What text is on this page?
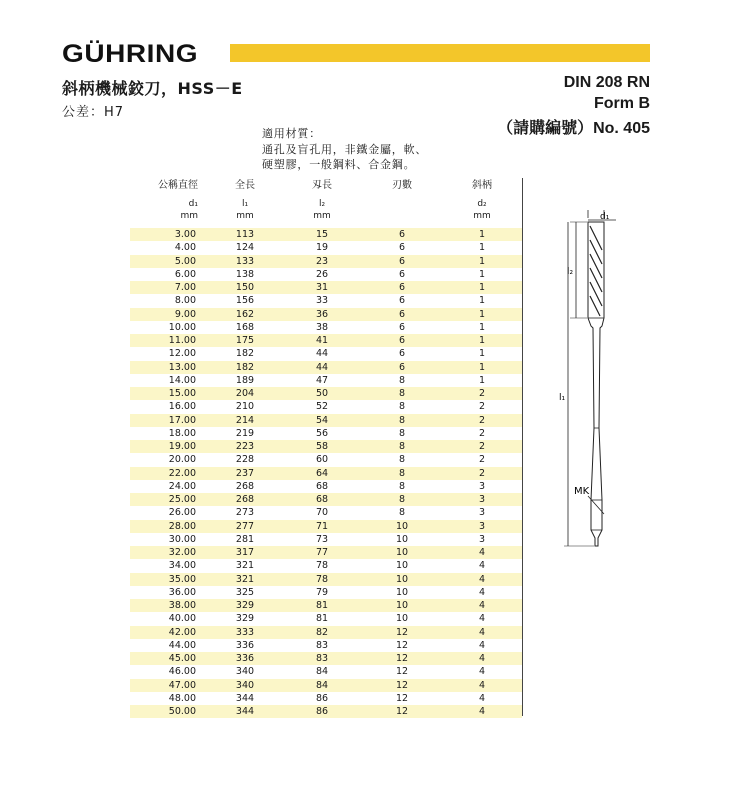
GÜHRING
斜柄機械鉸刀，HSS－E
公差：H7
DIN 208 RN
Form B
（請購編號）No. 405
適用材質：
通孔及盲孔用，非鐵金屬，軟、
硬塑膠，一般鋼料、合金鋼。
公稱直徑	全長	刄長	刃數	斜柄
d₁	l₁	l₂		d₂
mm	mm	mm		mm
3.00	113	15	6	1
4.00	124	19	6	1
5.00	133	23	6	1
6.00	138	26	6	1
7.00	150	31	6	1
8.00	156	33	6	1
9.00	162	36	6	1
10.00	168	38	6	1
11.00	175	41	6	1
12.00	182	44	6	1
13.00	182	44	6	1
14.00	189	47	8	1
15.00	204	50	8	2
16.00	210	52	8	2
17.00	214	54	8	2
18.00	219	56	8	2
19.00	223	58	8	2
20.00	228	60	8	2
22.00	237	64	8	2
24.00	268	68	8	3
25.00	268	68	8	3
26.00	273	70	8	3
28.00	277	71	10	3
30.00	281	73	10	3
32.00	317	77	10	4
34.00	321	78	10	4
35.00	321	78	10	4
36.00	325	79	10	4
38.00	329	81	10	4
40.00	329	81	10	4
42.00	333	82	12	4
44.00	336	83	12	4
45.00	336	83	12	4
46.00	340	84	12	4
47.00	340	84	12	4
48.00	344	86	12	4
50.00	344	86	12	4
d₁
l₂
l₁
MK
